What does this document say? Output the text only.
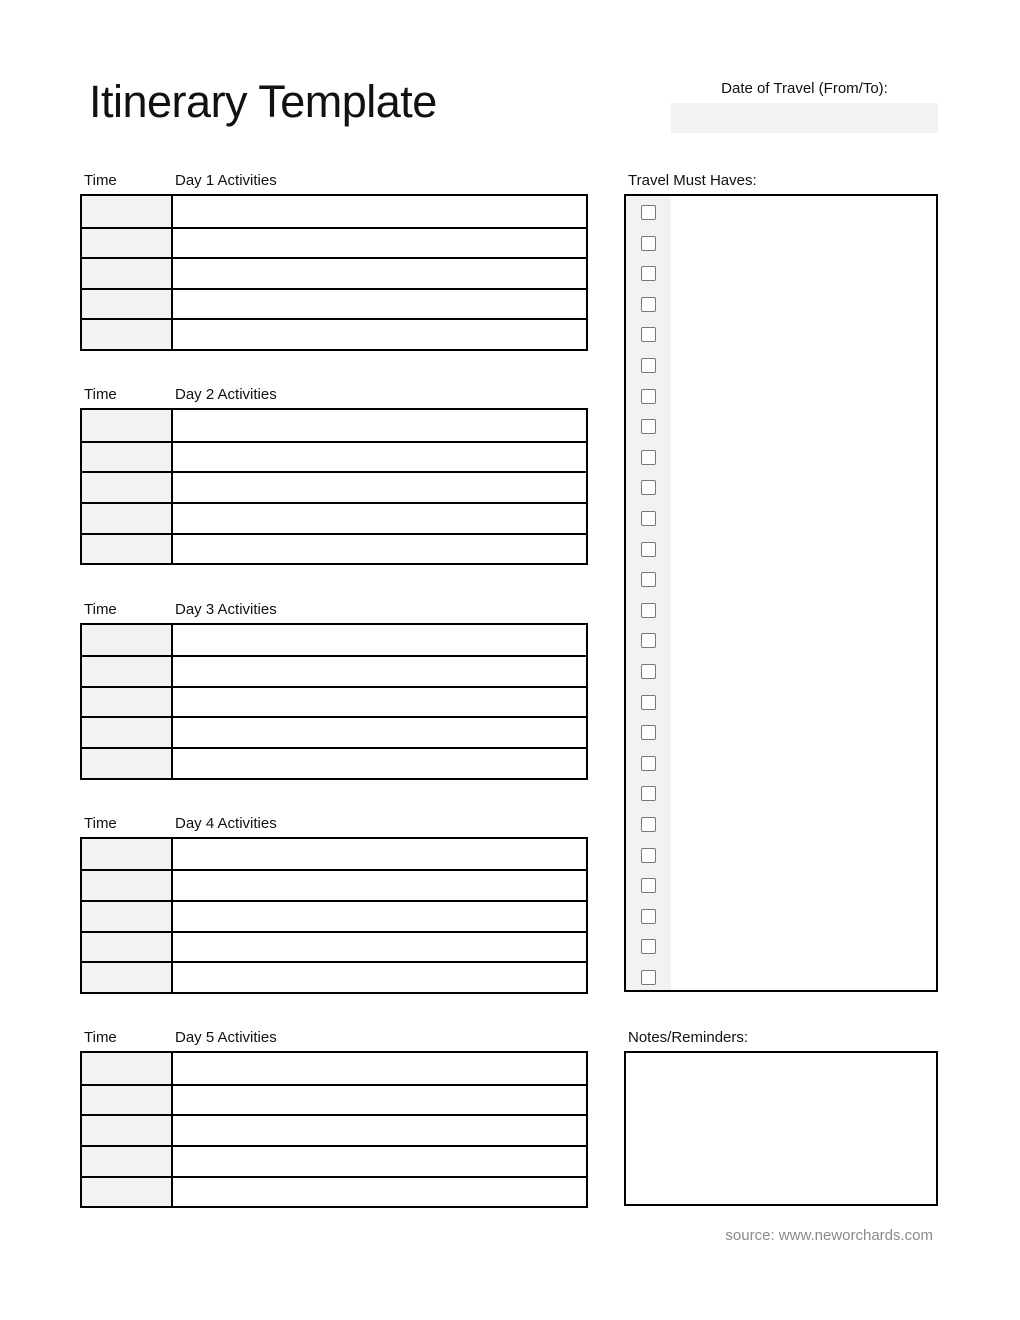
Itinerary Template	Date of Travel (From/To):
Time	Day 1 Activities
Time	Day 2 Activities
Time	Day 3 Activities
Time	Day 4 Activities
Time	Day 5 Activities
Travel Must Haves:
Notes/Reminders:
source: www.neworchards.com
